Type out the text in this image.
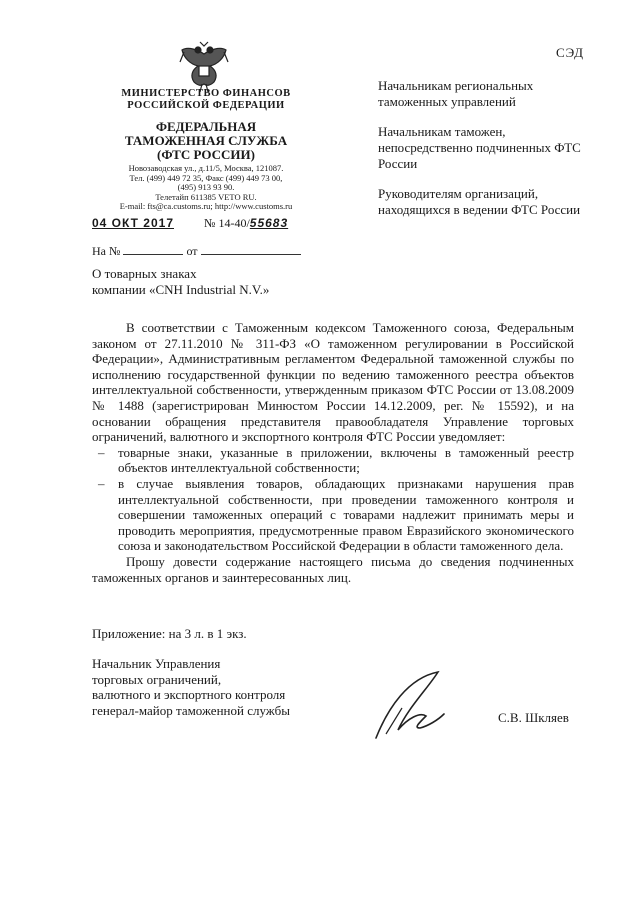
СЭД
МИНИСТЕРСТВО ФИНАНСОВ
РОССИЙСКОЙ ФЕДЕРАЦИИ
ФЕДЕРАЛЬНАЯ
ТАМОЖЕННАЯ СЛУЖБА
(ФТС РОССИИ)
Новозаводская ул., д.11/5, Москва, 121087.
Тел. (499) 449 72 35, Факс (499) 449 73 00,
(495) 913 93 90.
Телетайп 611385 VETO RU.
E-mail: fts@ca.customs.ru; http://www.customs.ru
04 ОКТ 2017	№ 14-40/55683
На №	от

Начальникам региональных таможенных управлений

Начальникам таможен, непосредственно подчиненных ФТС России

Руководителям организаций, находящихся в ведении ФТС России

О товарных знаках
компании «CNH Industrial N.V.»

В соответствии с Таможенным кодексом Таможенного союза, Федеральным законом от 27.11.2010 № 311-ФЗ «О таможенном регулировании в Российской Федерации», Административным регламентом Федеральной таможенной службы по исполнению государственной функции по ведению таможенного реестра объектов интеллектуальной собственности, утвержденным приказом ФТС России от 13.08.2009 № 1488 (зарегистрирован Минюстом России 14.12.2009, рег. № 15592), и на основании обращения представителя правообладателя Управление торговых ограничений, валютного и экспортного контроля ФТС России уведомляет:

– товарные знаки, указанные в приложении, включены в таможенный реестр объектов интеллектуальной собственности;
– в случае выявления товаров, обладающих признаками нарушения прав интеллектуальной собственности, при проведении таможенного контроля и совершении таможенных операций с товарами надлежит принимать меры и проводить мероприятия, предусмотренные правом Евразийского экономического союза и законодательством Российской Федерации в области таможенного дела.

Прошу довести содержание настоящего письма до сведения подчиненных таможенных органов и заинтересованных лиц.

Приложение: на 3 л. в 1 экз.
Начальник Управления
торговых ограничений,
валютного и экспортного контроля
генерал-майор таможенной службы	С.В. Шкляев
